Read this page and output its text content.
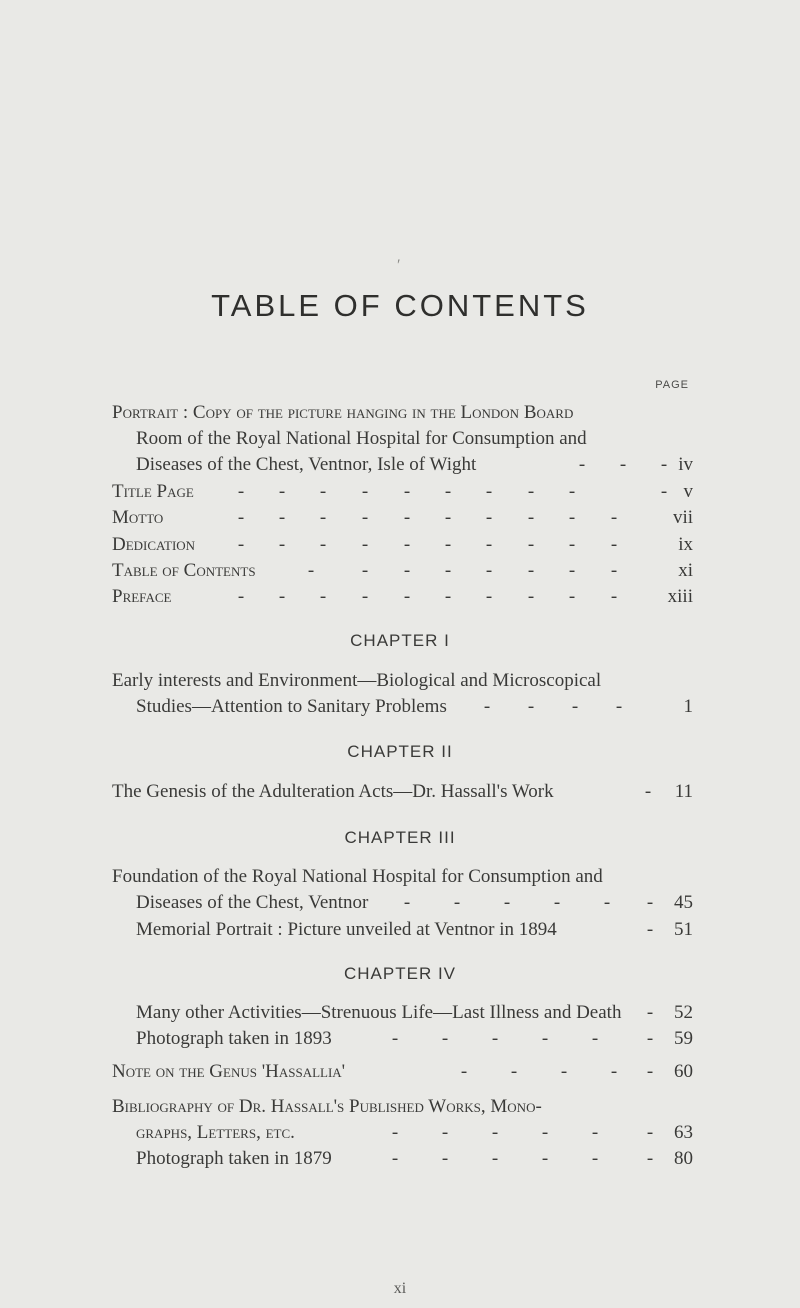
′
TABLE OF CONTENTS
PAGE
Portrait : Copy of the picture hanging in the London Board
Room of the Royal National Hospital for Consumption and
Diseases of the Chest, Ventnor, Isle of Wight	- - - iv
Title Page - - - - - - - - -	- v
Motto	- - - - - - - - - -	vii
Dedication - - - - - - - - - -	ix
Table of Contents	-	- - - - - - -	xi
Preface	- - - - - - - - - -	xiii
CHAPTER I
Early interests and Environment—Biological and Microscopical
Studies—Attention to Sanitary Problems - - - -	1
CHAPTER II
The Genesis of the Adulteration Acts—Dr. Hassall's Work	- 11
CHAPTER III
Foundation of the Royal National Hospital for Consumption and
Diseases of the Chest, Ventnor - - - - - - 45
Memorial Portrait : Picture unveiled at Ventnor in 1894	- 51
CHAPTER IV
Many other Activities—Strenuous Life—Last Illness and Death - 52
Photograph taken in 1893	- - - - -	- 59
Note on the Genus 'Hassallia'	- - - - - 60
Bibliography of Dr. Hassall's Published Works, Mono-
graphs, Letters, etc.	- - - - -	- 63
Photograph taken in 1879	- - - - -	- 80
xi
